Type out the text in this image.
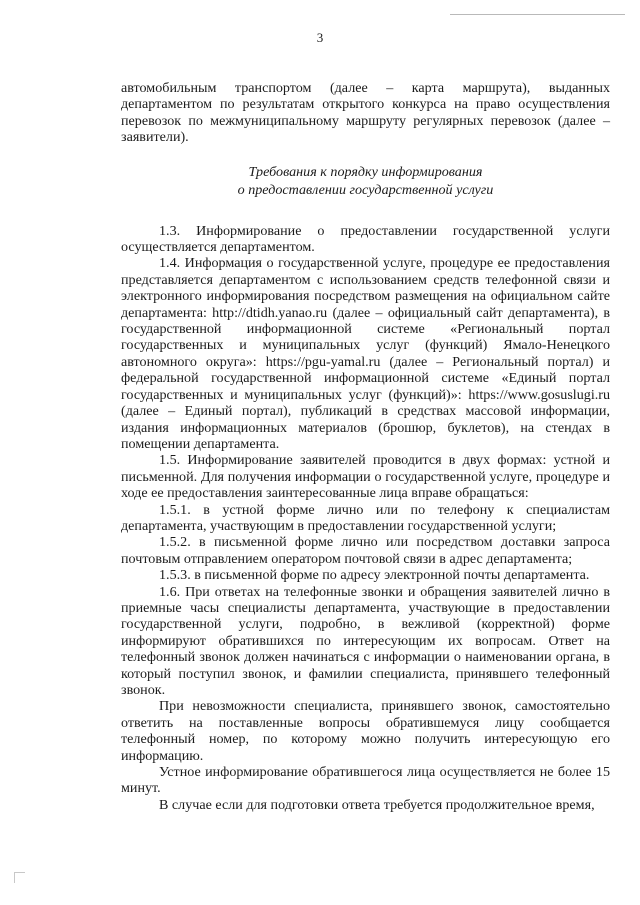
3

автомобильным транспортом (далее – карта маршрута), выданных департаментом по результатам открытого конкурса на право осуществления перевозок по межмуниципальному маршруту регулярных перевозок (далее – заявители).

Требования к порядку информирования
о предоставлении государственной услуги

1.3. Информирование о предоставлении государственной услуги осуществляется департаментом.

1.4. Информация о государственной услуге, процедуре ее предоставления представляется департаментом с использованием средств телефонной связи и электронного информирования посредством размещения на официальном сайте департамента: http://dtidh.yanao.ru (далее – официальный сайт департамента), в государственной информационной системе «Региональный портал государственных и муниципальных услуг (функций) Ямало-Ненецкого автономного округа»: https://pgu-yamal.ru (далее – Региональный портал) и федеральной государственной информационной системе «Единый портал государственных и муниципальных услуг (функций)»: https://www.gosuslugi.ru (далее – Единый портал), публикаций в средствах массовой информации, издания информационных материалов (брошюр, буклетов), на стендах в помещении департамента.

1.5. Информирование заявителей проводится в двух формах: устной и письменной. Для получения информации о государственной услуге, процедуре и ходе ее предоставления заинтересованные лица вправе обращаться:

1.5.1. в устной форме лично или по телефону к специалистам департамента, участвующим в предоставлении государственной услуги;

1.5.2. в письменной форме лично или посредством доставки запроса почтовым отправлением оператором почтовой связи в адрес департамента;

1.5.3. в письменной форме по адресу электронной почты департамента.

1.6. При ответах на телефонные звонки и обращения заявителей лично в приемные часы специалисты департамента, участвующие в предоставлении государственной услуги, подробно, в вежливой (корректной) форме информируют обратившихся по интересующим их вопросам. Ответ на телефонный звонок должен начинаться с информации о наименовании органа, в который поступил звонок, и фамилии специалиста, принявшего телефонный звонок.

При невозможности специалиста, принявшего звонок, самостоятельно ответить на поставленные вопросы обратившемуся лицу сообщается телефонный номер, по которому можно получить интересующую его информацию.

Устное информирование обратившегося лица осуществляется не более 15 минут.

В случае если для подготовки ответа требуется продолжительное время,
